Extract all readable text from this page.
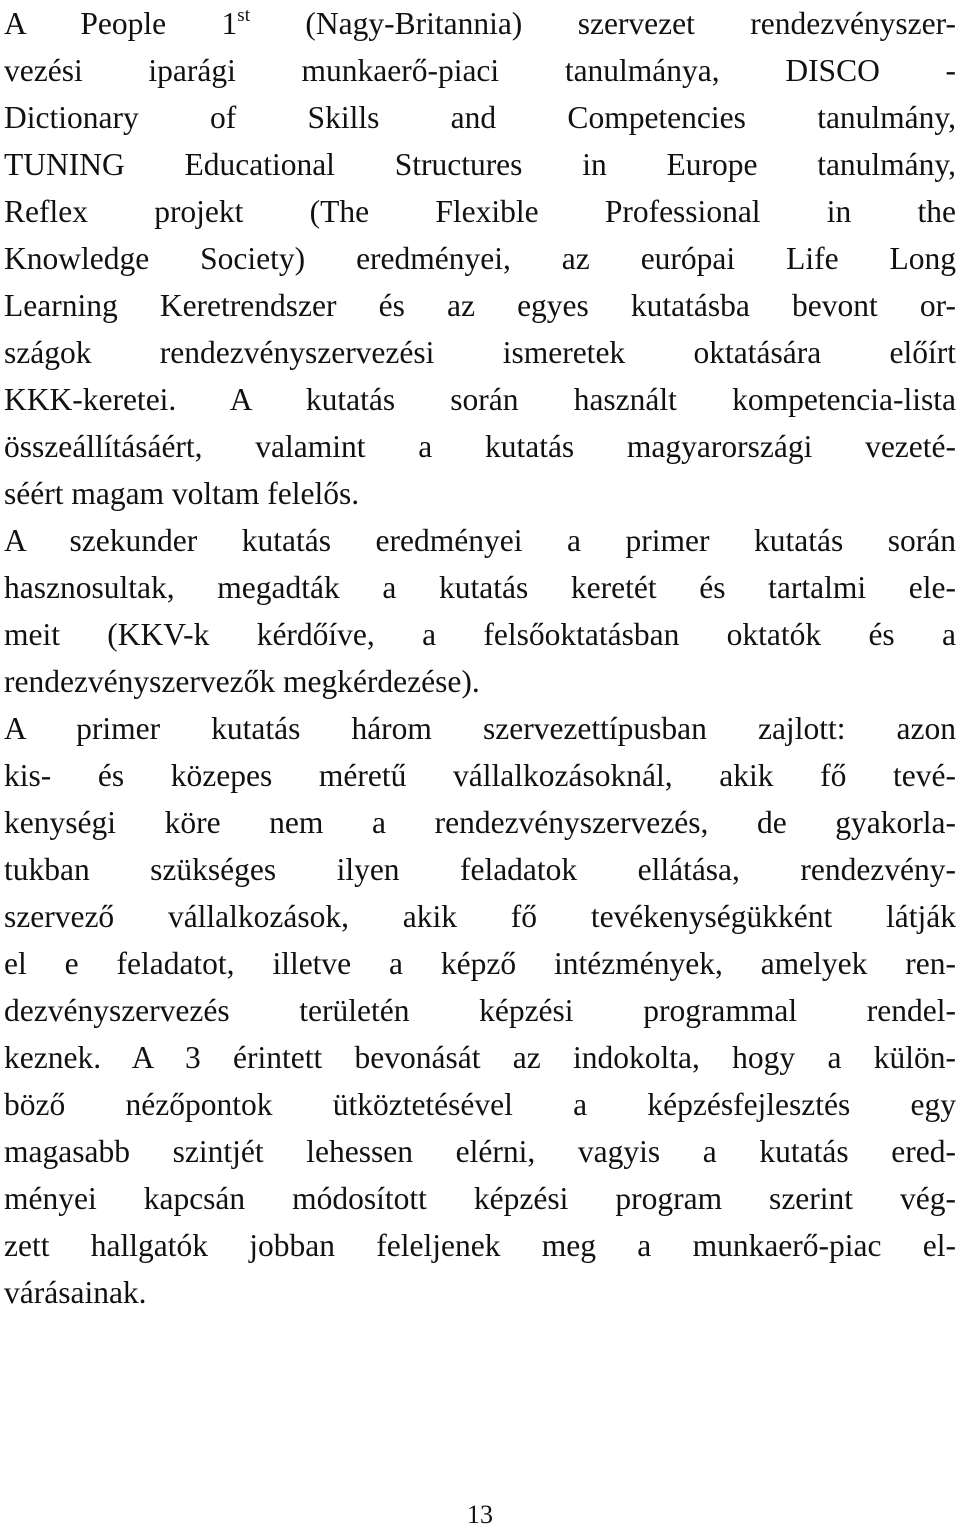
A People 1st (Nagy-Britannia) szervezet rendezvényszer-
vezési iparági munkaerő-piaci tanulmánya, DISCO -
Dictionary of Skills and Competencies tanulmány,
TUNING Educational Structures in Europe tanulmány,
Reflex projekt (The Flexible Professional in the
Knowledge Society) eredményei, az európai Life Long
Learning Keretrendszer és az egyes kutatásba bevont or-
szágok rendezvényszervezési ismeretek oktatására előírt
KKK-keretei. A kutatás során használt kompetencia-lista
összeállításáért, valamint a kutatás magyarországi vezeté-
séért magam voltam felelős.
A szekunder kutatás eredményei a primer kutatás során
hasznosultak, megadták a kutatás keretét és tartalmi ele-
meit (KKV-k kérdőíve, a felsőoktatásban oktatók és a
rendezvényszervezők megkérdezése).
A primer kutatás három szervezettípusban zajlott: azon
kis- és közepes méretű vállalkozásoknál, akik fő tevé-
kenységi köre nem a rendezvényszervezés, de gyakorla-
tukban szükséges ilyen feladatok ellátása, rendezvény-
szervező vállalkozások, akik fő tevékenységükként látják
el e feladatot, illetve a képző intézmények, amelyek ren-
dezvényszervezés területén képzési programmal rendel-
keznek. A 3 érintett bevonását az indokolta, hogy a külön-
böző nézőpontok ütköztetésével a képzésfejlesztés egy
magasabb szintjét lehessen elérni, vagyis a kutatás ered-
ményei kapcsán módosított képzési program szerint vég-
zett hallgatók jobban feleljenek meg a munkaerő-piac el-
várásainak.
13
